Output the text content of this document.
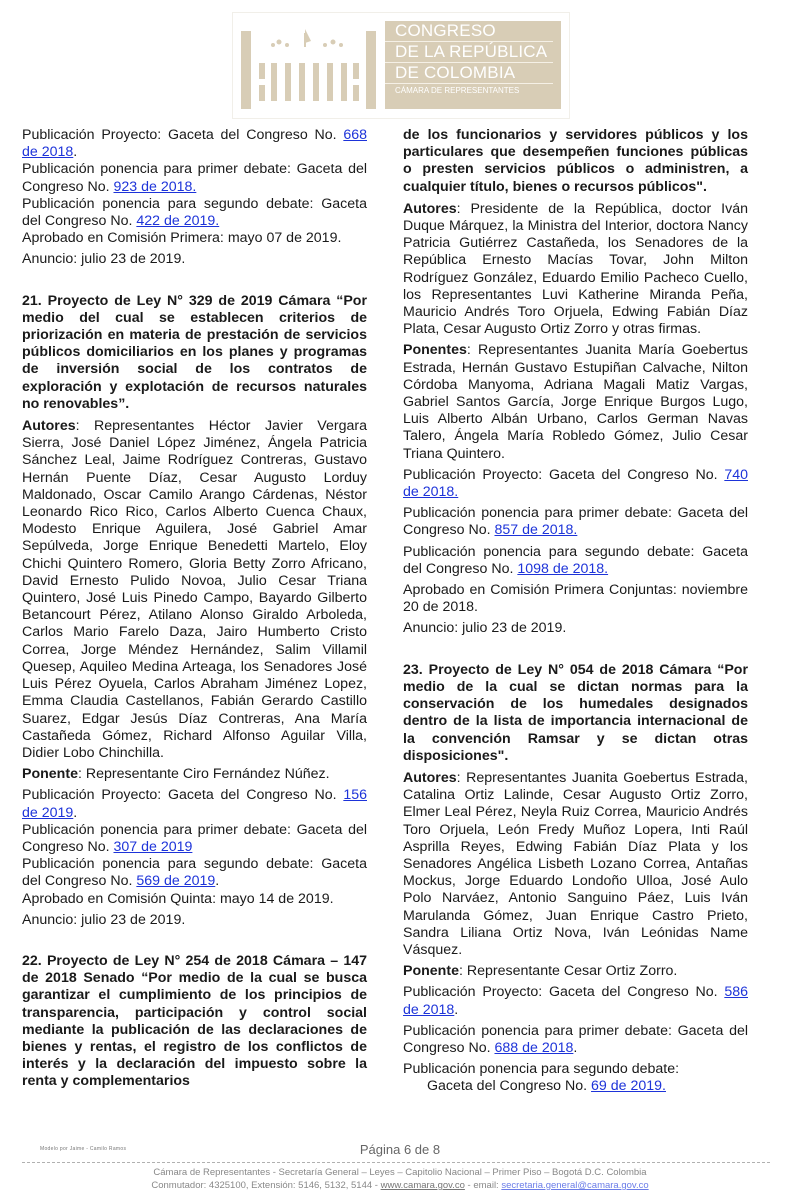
CONGRESO
DE LA REPÚBLICA
DE COLOMBIA
CÁMARA DE REPRESENTANTES

Publicación Proyecto: Gaceta del Congreso No. 668 de 2018.

Publicación ponencia para primer debate: Gaceta del Congreso No. 923 de 2018.

Publicación ponencia para segundo debate: Gaceta del Congreso No. 422 de 2019.

Aprobado en Comisión Primera: mayo 07 de 2019.

Anuncio: julio 23 de 2019.

21. Proyecto de Ley N° 329 de 2019 Cámara “Por medio del cual se establecen criterios de priorización en materia de prestación de servicios públicos domiciliarios en los planes y programas de inversión social de los contratos de exploración y explotación de recursos naturales no renovables”.

Autores: Representantes Héctor Javier Vergara Sierra, José Daniel López Jiménez, Ángela Patricia Sánchez Leal, Jaime Rodríguez Contreras, Gustavo Hernán Puente Díaz, Cesar Augusto Lorduy Maldonado, Oscar Camilo Arango Cárdenas, Néstor Leonardo Rico Rico, Carlos Alberto Cuenca Chaux, Modesto Enrique Aguilera, José Gabriel Amar Sepúlveda, Jorge Enrique Benedetti Martelo, Eloy Chichi Quintero Romero, Gloria Betty Zorro Africano, David Ernesto Pulido Novoa, Julio Cesar Triana Quintero, José Luis Pinedo Campo, Bayardo Gilberto Betancourt Pérez, Atilano Alonso Giraldo Arboleda, Carlos Mario Farelo Daza, Jairo Humberto Cristo Correa, Jorge Méndez Hernández, Salim Villamil Quesep, Aquileo Medina Arteaga, los Senadores José Luis Pérez Oyuela, Carlos Abraham Jiménez Lopez, Emma Claudia Castellanos, Fabián Gerardo Castillo Suarez, Edgar Jesús Díaz Contreras, Ana María Castañeda Gómez, Richard Alfonso Aguilar Villa, Didier Lobo Chinchilla.

Ponente: Representante Ciro Fernández Núñez.

Publicación Proyecto: Gaceta del Congreso No. 156 de 2019.

Publicación ponencia para primer debate: Gaceta del Congreso No. 307 de 2019

Publicación ponencia para segundo debate: Gaceta del Congreso No. 569 de 2019.

Aprobado en Comisión Quinta: mayo 14 de 2019.

Anuncio: julio 23 de 2019.

22. Proyecto de Ley N° 254 de 2018 Cámara – 147 de 2018 Senado “Por medio de la cual se busca garantizar el cumplimiento de los principios de transparencia, participación y control social mediante la publicación de las declaraciones de bienes y rentas, el registro de los conflictos de interés y la declaración del impuesto sobre la renta y complementarios

de los funcionarios y servidores públicos y los particulares que desempeñen funciones públicas o presten servicios públicos o administren, a cualquier título, bienes o recursos públicos".

Autores: Presidente de la República, doctor Iván Duque Márquez, la Ministra del Interior, doctora Nancy Patricia Gutiérrez Castañeda, los Senadores de la República Ernesto Macías Tovar, John Milton Rodríguez González, Eduardo Emilio Pacheco Cuello, los Representantes Luvi Katherine Miranda Peña, Mauricio Andrés Toro Orjuela, Edwing Fabián Díaz Plata, Cesar Augusto Ortiz Zorro y otras firmas.

Ponentes: Representantes Juanita María Goebertus Estrada, Hernán Gustavo Estupiñan Calvache, Nilton Córdoba Manyoma, Adriana Magali Matiz Vargas, Gabriel Santos García, Jorge Enrique Burgos Lugo, Luis Alberto Albán Urbano, Carlos German Navas Talero, Ángela María Robledo Gómez, Julio Cesar Triana Quintero.

Publicación Proyecto: Gaceta del Congreso No. 740 de 2018.

Publicación ponencia para primer debate: Gaceta del Congreso No. 857 de 2018.

Publicación ponencia para segundo debate: Gaceta del Congreso No. 1098 de 2018.

Aprobado en Comisión Primera Conjuntas: noviembre 20 de 2018.

Anuncio: julio 23 de 2019.

23. Proyecto de Ley N° 054 de 2018 Cámara “Por medio de la cual se dictan normas para la conservación de los humedales designados dentro de la lista de importancia internacional de la convención Ramsar y se dictan otras disposiciones".

Autores: Representantes Juanita Goebertus Estrada, Catalina Ortiz Lalinde, Cesar Augusto Ortiz Zorro, Elmer Leal Pérez, Neyla Ruiz Correa, Mauricio Andrés Toro Orjuela, León Fredy Muñoz Lopera, Inti Raúl Asprilla Reyes, Edwing Fabián Díaz Plata y los Senadores Angélica Lisbeth Lozano Correa, Antañas Mockus, Jorge Eduardo Londoño Ulloa, José Aulo Polo Narváez, Antonio Sanguino Páez, Luis Iván Marulanda Gómez, Juan Enrique Castro Prieto, Sandra Liliana Ortiz Nova, Iván Leónidas Name Vásquez.

Ponente: Representante Cesar Ortiz Zorro.

Publicación Proyecto: Gaceta del Congreso No. 586 de 2018.

Publicación ponencia para primer debate: Gaceta del Congreso No. 688 de 2018.

Publicación ponencia para segundo debate:

Gaceta del Congreso No. 69 de 2019.

Modelo por Jaime - Camilo Ramos	Página 6 de 8
Cámara de Representantes - Secretaría General – Leyes – Capitolio Nacional – Primer Piso – Bogotá D.C. Colombia
Conmutador: 4325100, Extensión: 5146, 5132, 5144 - www.camara.gov.co - email: secretaria.general@camara.gov.co
